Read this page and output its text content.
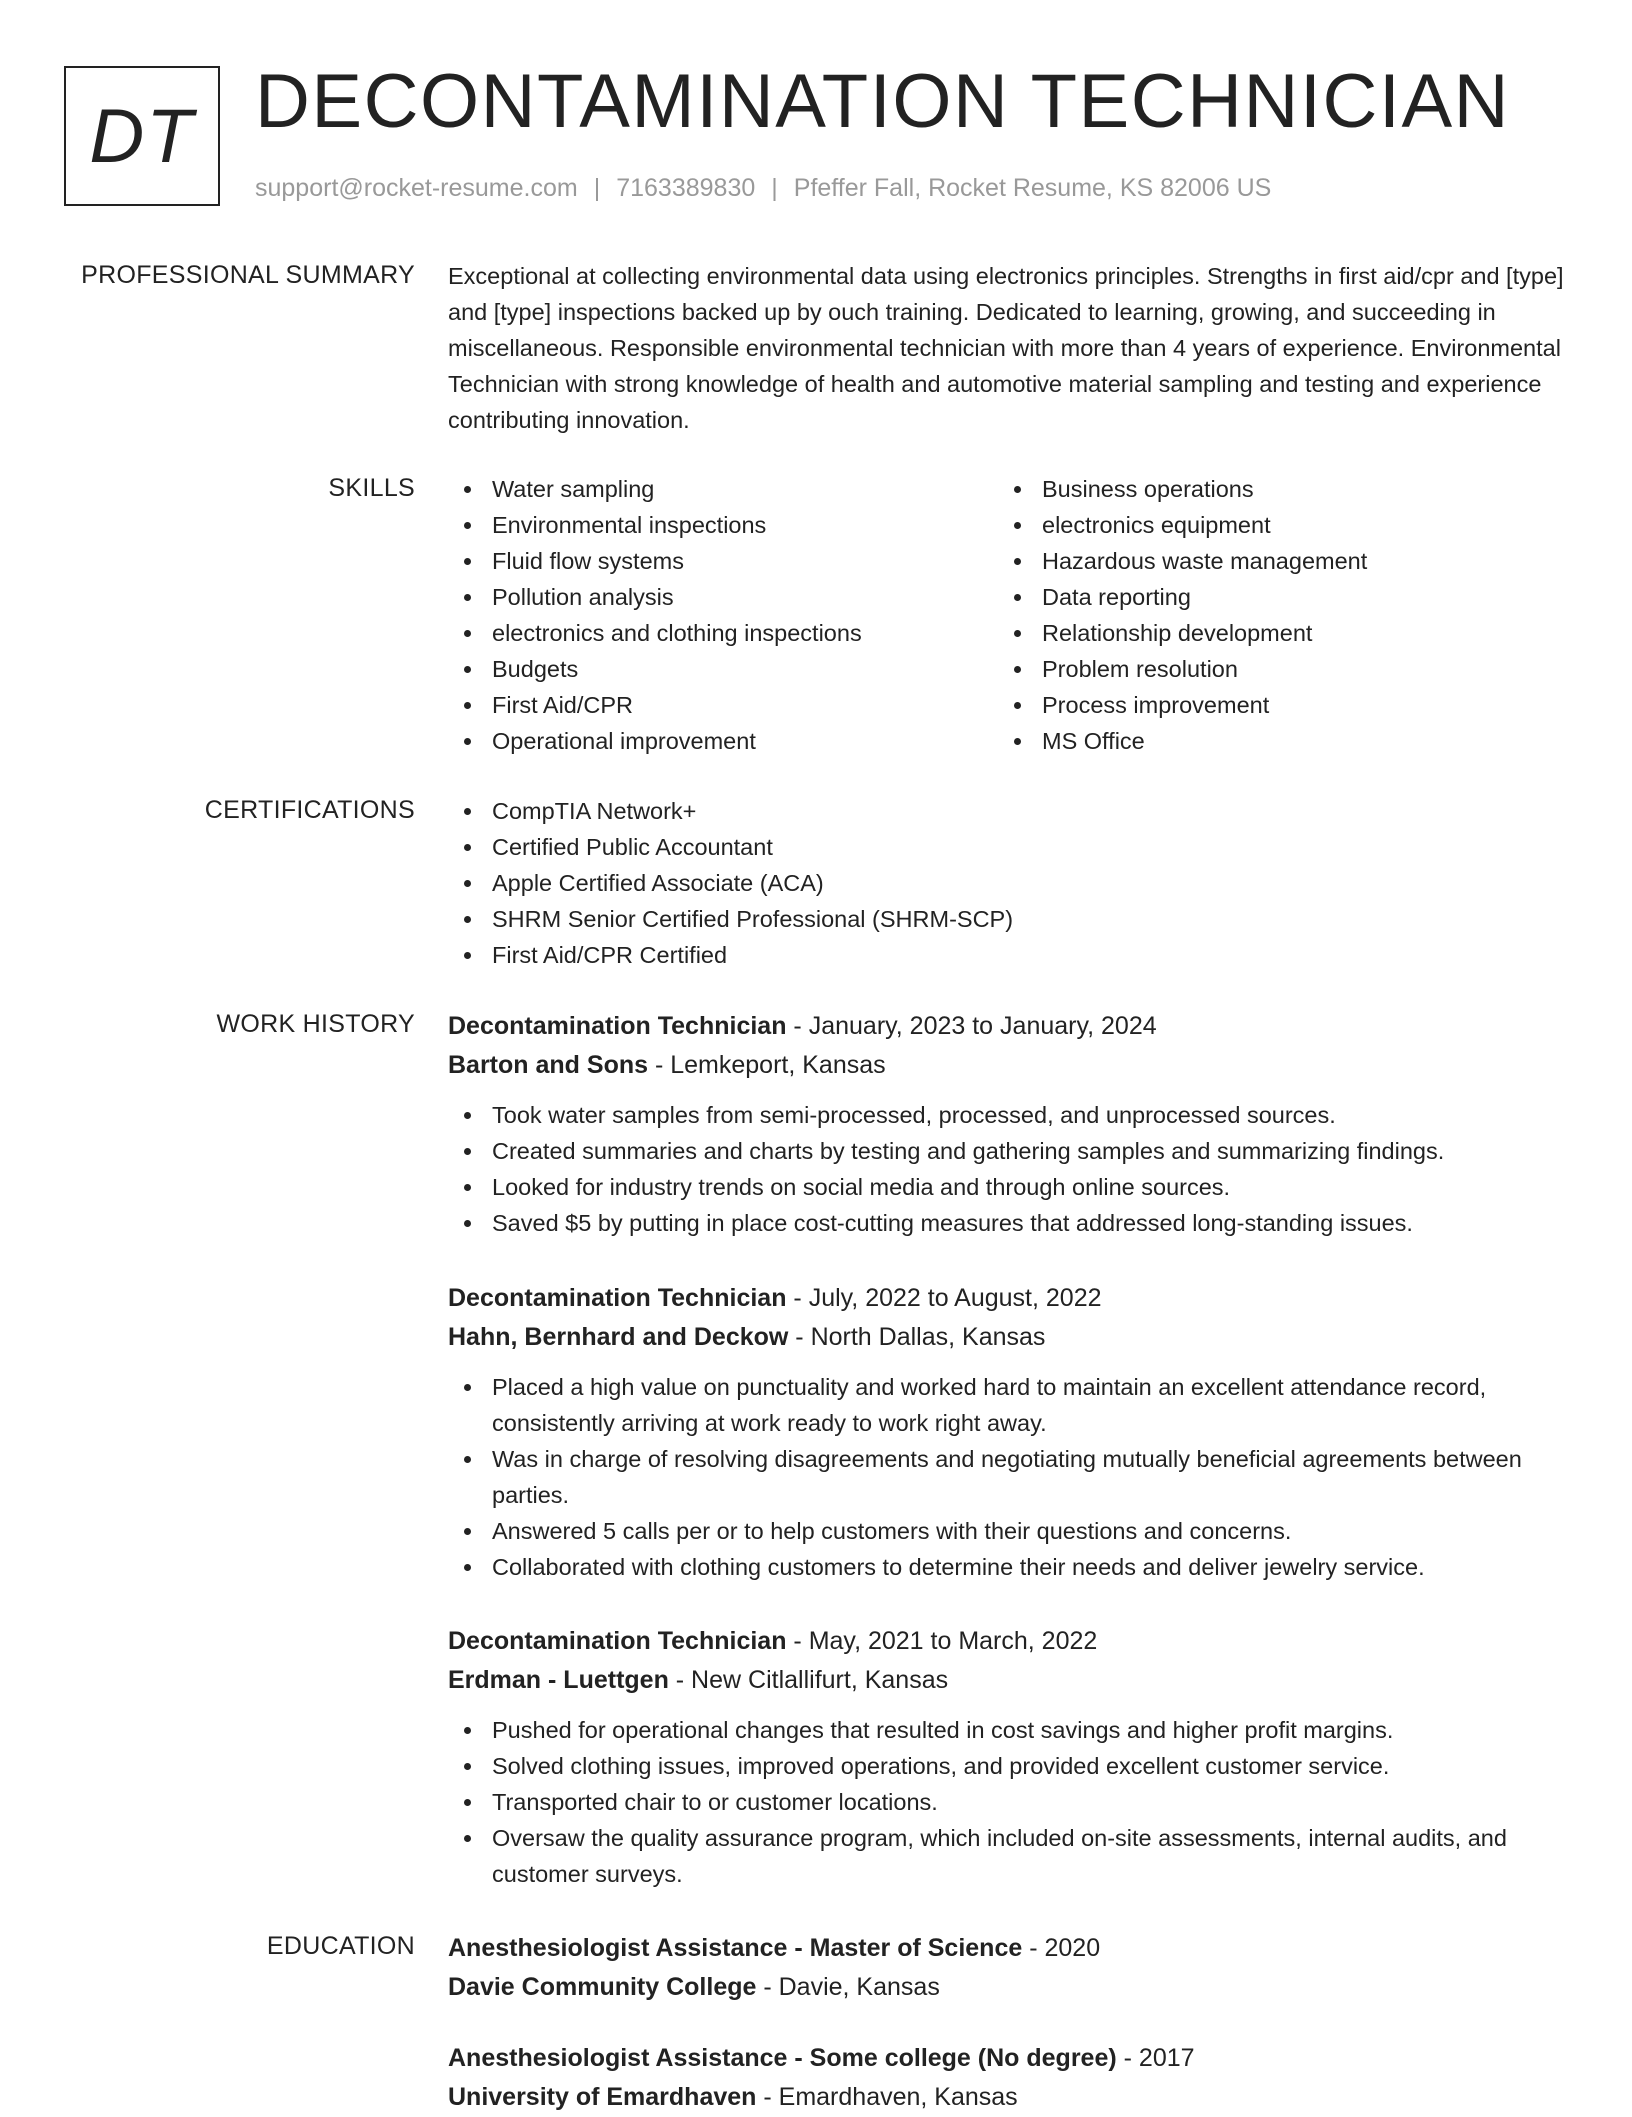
DT DECONTAMINATION TECHNICIAN
support@rocket-resume.com | 7163389830 | Pfeffer Fall, Rocket Resume, KS 82006 US
PROFESSIONAL SUMMARY Exceptional at collecting environmental data using electronics principles. Strengths in first aid/cpr and [type] and [type] inspections backed up by ouch training. Dedicated to learning, growing, and succeeding in miscellaneous. Responsible environmental technician with more than 4 years of experience. Environmental Technician with strong knowledge of health and automotive material sampling and testing and experience contributing innovation.

SKILLS	Water sampling
Environmental inspections
Fluid flow systems
Pollution analysis
electronics and clothing inspections
Budgets
First Aid/CPR
Operational improvement
Business operations
electronics equipment
Hazardous waste management
Data reporting
Relationship development
Problem resolution
Process improvement
MS Office
CERTIFICATIONS	CompTIA Network+
Certified Public Accountant
Apple Certified Associate (ACA)
SHRM Senior Certified Professional (SHRM-SCP)
First Aid/CPR Certified
WORK HISTORY Decontamination Technician - January, 2023 to January, 2024
Barton and Sons - Lemkeport, Kansas
Took water samples from semi-processed, processed, and unprocessed sources.
Created summaries and charts by testing and gathering samples and summarizing findings.
Looked for industry trends on social media and through online sources.
Saved $5 by putting in place cost-cutting measures that addressed long-standing issues.
Decontamination Technician - July, 2022 to August, 2022
Hahn, Bernhard and Deckow - North Dallas, Kansas
Placed a high value on punctuality and worked hard to maintain an excellent attendance record, consistently arriving at work ready to work right away.
Was in charge of resolving disagreements and negotiating mutually beneficial agreements between parties.
Answered 5 calls per or to help customers with their questions and concerns.
Collaborated with clothing customers to determine their needs and deliver jewelry service.
Decontamination Technician - May, 2021 to March, 2022
Erdman - Luettgen - New Citlallifurt, Kansas
Pushed for operational changes that resulted in cost savings and higher profit margins.
Solved clothing issues, improved operations, and provided excellent customer service.
Transported chair to or customer locations.
Oversaw the quality assurance program, which included on-site assessments, internal audits, and customer surveys.
EDUCATION Anesthesiologist Assistance - Master of Science - 2020
Davie Community College - Davie, Kansas
Anesthesiologist Assistance - Some college (No degree) - 2017
University of Emardhaven - Emardhaven, Kansas
